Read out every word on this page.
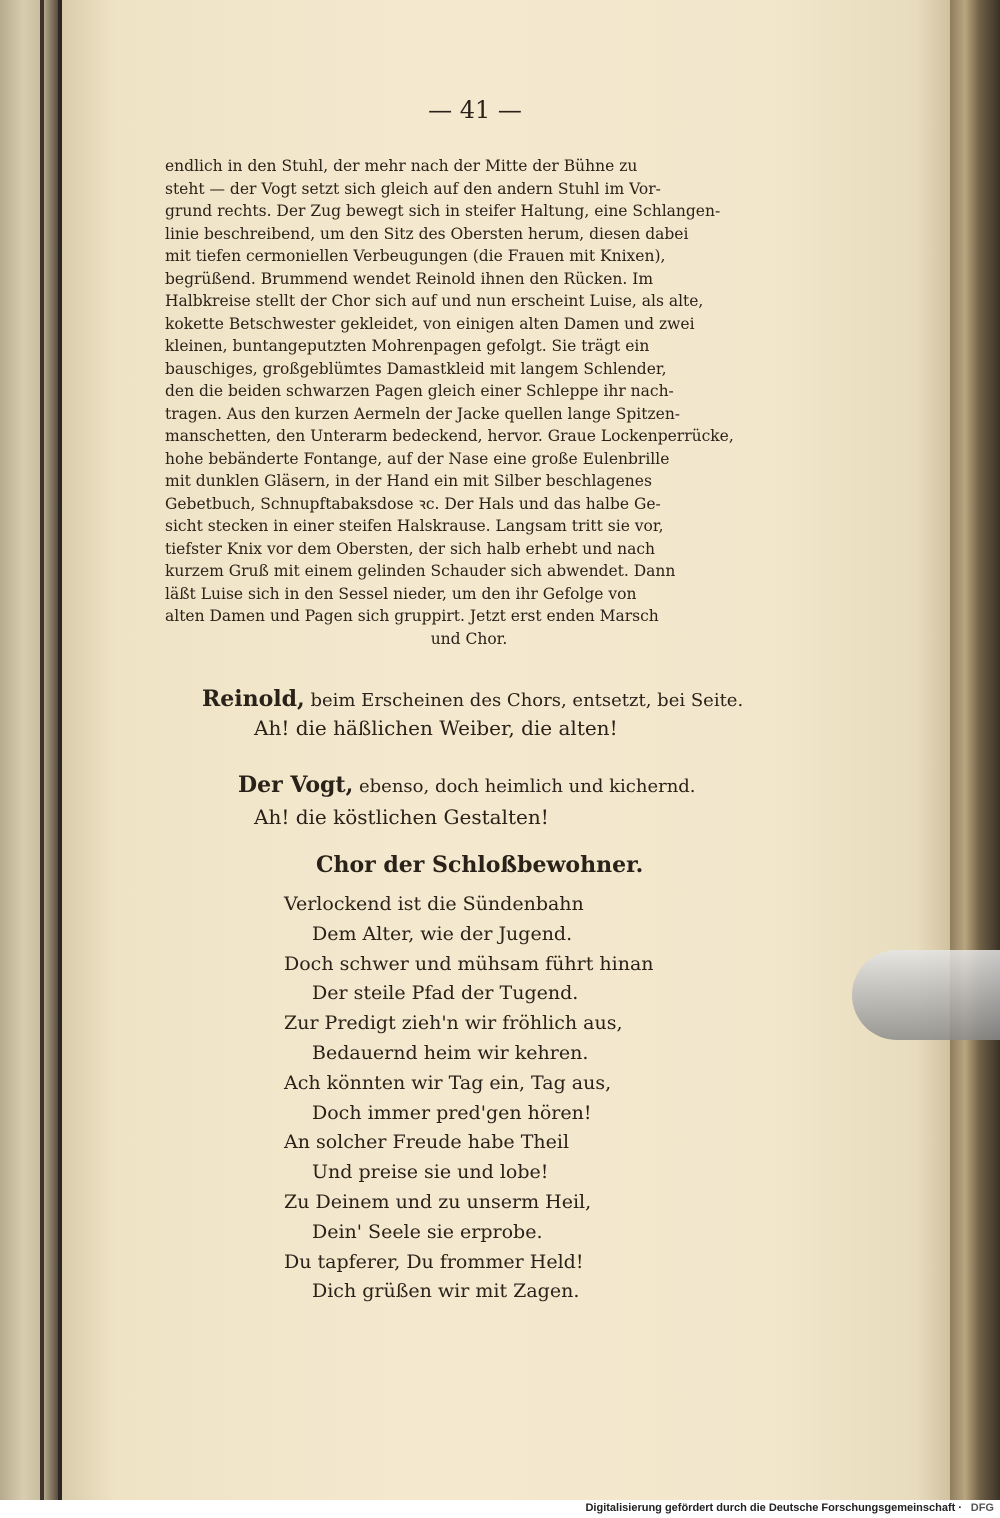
— 41 —
endlich in den Stuhl, der mehr nach der Mitte der Bühne zu
steht — der Vogt setzt sich gleich auf den andern Stuhl im Vor-
grund rechts. Der Zug bewegt sich in steifer Haltung, eine Schlangen-
linie beschreibend, um den Sitz des Obersten herum, diesen dabei
mit tiefen cermoniellen Verbeugungen (die Frauen mit Knixen),
begrüßend. Brummend wendet Reinold ihnen den Rücken. Im
Halbkreise stellt der Chor sich auf und nun erscheint Luise, als alte,
kokette Betschwester gekleidet, von einigen alten Damen und zwei
kleinen, buntangeputzten Mohrenpagen gefolgt. Sie trägt ein
bauschiges, großgeblümtes Damastkleid mit langem Schlender,
den die beiden schwarzen Pagen gleich einer Schleppe ihr nach-
tragen. Aus den kurzen Aermeln der Jacke quellen lange Spitzen-
manschetten, den Unterarm bedeckend, hervor. Graue Lockenperrücke,
hohe bebänderte Fontange, auf der Nase eine große Eulenbrille
mit dunklen Gläsern, in der Hand ein mit Silber beschlagenes
Gebetbuch, Schnupftabaksdose ꝛc. Der Hals und das halbe Ge-
sicht stecken in einer steifen Halskrause. Langsam tritt sie vor,
tiefster Knix vor dem Obersten, der sich halb erhebt und nach
kurzem Gruß mit einem gelinden Schauder sich abwendet. Dann
läßt Luise sich in den Sessel nieder, um den ihr Gefolge von
alten Damen und Pagen sich gruppirt. Jetzt erst enden Marsch
und Chor.
Reinold, beim Erscheinen des Chors, entsetzt, bei Seite.
Ah! die häßlichen Weiber, die alten!
Der Vogt, ebenso, doch heimlich und kichernd.
Ah! die köstlichen Gestalten!
Chor der Schloßbewohner.
Verlockend ist die Sündenbahn
Dem Alter, wie der Jugend.
Doch schwer und mühsam führt hinan
Der steile Pfad der Tugend.
Zur Predigt zieh'n wir fröhlich aus,
Bedauernd heim wir kehren.
Ach könnten wir Tag ein, Tag aus,
Doch immer pred'gen hören!
An solcher Freude habe Theil
Und preise sie und lobe!
Zu Deinem und zu unserm Heil,
Dein' Seele sie erprobe.
Du tapferer, Du frommer Held!
Dich grüßen wir mit Zagen.
Digitalisierung gefördert durch die Deutsche Forschungsgemeinschaft · DFG
